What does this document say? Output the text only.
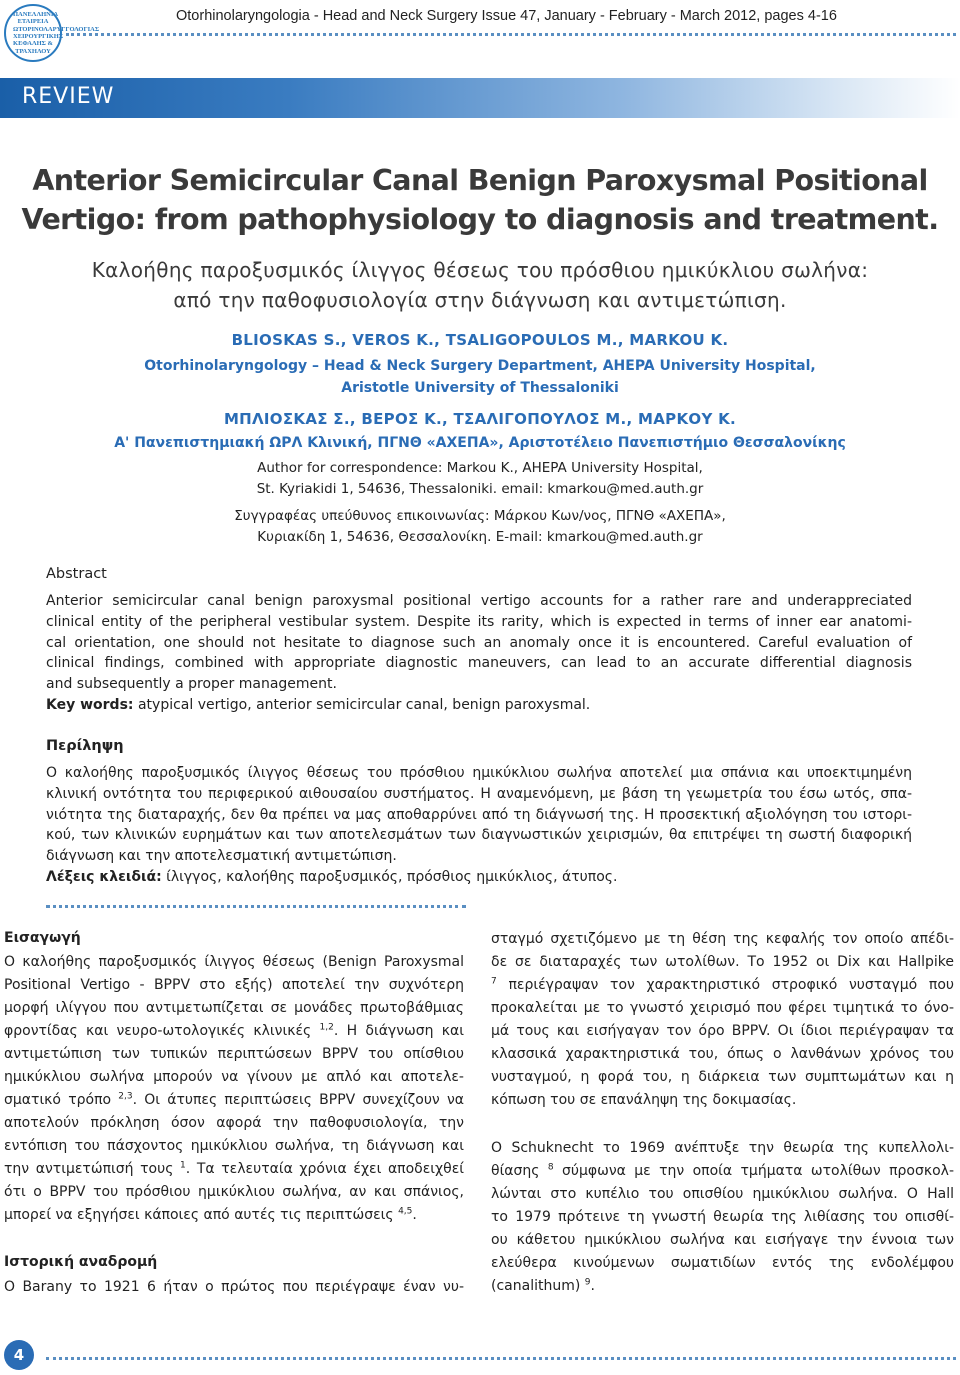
ΠΑΝΕΛΛΗΝΙΑ ΕΤΑΙΡΕΙΑ ΩΤΟΡΙΝΟΛΑΡΥΓΓΟΛΟΓΙΑΣ ΧΕΙΡΟΥΡΓΙΚΗΣ ΚΕΦΑΛΗΣ & ΤΡΑΧΗΛΟΥ
Otorhinolaryngologia - Head and Neck Surgery Issue 47, January - February - March 2012, pages 4-16
REVIEW
Anterior Semicircular Canal Benign Paroxysmal Positional
Vertigo: from pathophysiology to diagnosis and treatment.
Καλοήθης παροξυσμικός ίλιγγος θέσεως του πρόσθιου ημικύκλιου σωλήνα:
από την παθοφυσιολογία στην διάγνωση και αντιμετώπιση.
BLIOSKAS S., VEROS K., TSALIGOPOULOS M., MARKOU K.
Otorhinolaryngology – Head & Neck Surgery Department, AHEPA University Hospital,
Aristotle University of Thessaloniki
ΜΠΛΙΟΣΚΑΣ Σ., ΒΕΡΟΣ Κ., ΤΣΑΛΙΓΟΠΟΥΛΟΣ Μ., ΜΑΡΚΟΥ Κ.
Α' Πανεπιστημιακή ΩΡΛ Κλινική, ΠΓΝΘ «ΑΧΕΠΑ», Αριστοτέλειο Πανεπιστήμιο Θεσσαλονίκης
Author for correspondence: Markou K., AHEPA University Hospital,
St. Kyriakidi 1, 54636, Thessaloniki. email: kmarkou@med.auth.gr
Συγγραφέας υπεύθυνος επικοινωνίας: Μάρκου Κων/νος, ΠΓΝΘ «ΑΧΕΠΑ»,
Κυριακίδη 1, 54636, Θεσσαλονίκη. E-mail: kmarkou@med.auth.gr
Abstract
Anterior semicircular canal benign paroxysmal positional vertigo accounts for a rather rare and underappreciated
clinical entity of the peripheral vestibular system. Despite its rarity, which is expected in terms of inner ear anatomi-
cal orientation, one should not hesitate to diagnose such an anomaly once it is encountered. Careful evaluation of
clinical findings, combined with appropriate diagnostic maneuvers, can lead to an accurate differential diagnosis
and subsequently a proper management.
Key words: atypical vertigo, anterior semicircular canal, benign paroxysmal.
Περίληψη
Ο καλοήθης παροξυσμικός ίλιγγος θέσεως του πρόσθιου ημικύκλιου σωλήνα αποτελεί μια σπάνια και υποεκτιμημένη
κλινική οντότητα του περιφερικού αιθουσαίου συστήματος. Η αναμενόμενη, με βάση τη γεωμετρία του έσω ωτός, σπα-
νιότητα της διαταραχής, δεν θα πρέπει να μας αποθαρρύνει από τη διάγνωσή της. Η προσεκτική αξιολόγηση του ιστορι-
κού, των κλινικών ευρημάτων και των αποτελεσμάτων των διαγνωστικών χειρισμών, θα επιτρέψει τη σωστή διαφορική
διάγνωση και την αποτελεσματική αντιμετώπιση.
Λέξεις κλειδιά: ίλιγγος, καλοήθης παροξυσμικός, πρόσθιος ημικύκλιος, άτυπος.
Εισαγωγή
Ο καλοήθης παροξυσμικός ίλιγγος θέσεως (Benign Paroxysmal
Positional Vertigo - BPPV στο εξής) αποτελεί την συχνότερη
μορφή ιλίγγου που αντιμετωπίζεται σε μονάδες πρωτοβάθμιας
φροντίδας και νευρο-ωτολογικές κλινικές $^{1,2}$. Η διάγνωση και
αντιμετώπιση των τυπικών περιπτώσεων BPPV του οπίσθιου
ημικύκλιου σωλήνα μπορούν να γίνουν με απλό και αποτελε-
σματικό τρόπο $^{2,3}$. Οι άτυπες περιπτώσεις BPPV συνεχίζουν να
αποτελούν πρόκληση όσον αφορά την παθοφυσιολογία, την
εντόπιση του πάσχοντος ημικύκλιου σωλήνα, τη διάγνωση και
την αντιμετώπισή τους $^1$. Τα τελευταία χρόνια έχει αποδειχθεί
ότι ο BPPV του πρόσθιου ημικύκλιου σωλήνα, αν και σπάνιος,
μπορεί να εξηγήσει κάποιες από αυτές τις περιπτώσεις $^{4,5}$.
Ιστορική αναδρομή
Ο Barany το 1921 6 ήταν ο πρώτος που περιέγραψε έναν νυ-
σταγμό σχετιζόμενο με τη θέση της κεφαλής τον οποίο απέδι-
δε σε διαταραχές των ωτολίθων. Το 1952 οι Dix και Hallpike
$^7$ περιέγραψαν τον χαρακτηριστικό στροφικό νυσταγμό που
προκαλείται με το γνωστό χειρισμό που φέρει τιμητικά το όνο-
μά τους και εισήγαγαν τον όρο BPPV. Οι ίδιοι περιέγραψαν τα
κλασσικά χαρακτηριστικά του, όπως ο λανθάνων χρόνος του
νυσταγμού, η φορά του, η διάρκεια των συμπτωμάτων και η
κόπωση του σε επανάληψη της δοκιμασίας.
Ο Schuknecht το 1969 ανέπτυξε την θεωρία της κυπελλολι-
θίασης $^8$ σύμφωνα με την οποία τμήματα ωτολίθων προσκολ-
λώνται στο κυπέλιο του οπισθίου ημικύκλιου σωλήνα. Ο Hall
το 1979 πρότεινε τη γνωστή θεωρία της λιθίασης του οπισθί-
ου κάθετου ημικύκλιου σωλήνα και εισήγαγε την έννοια των
ελεύθερα κινούμενων σωματιδίων εντός της ενδολέμφου
(canalithum) $^9$.
4
